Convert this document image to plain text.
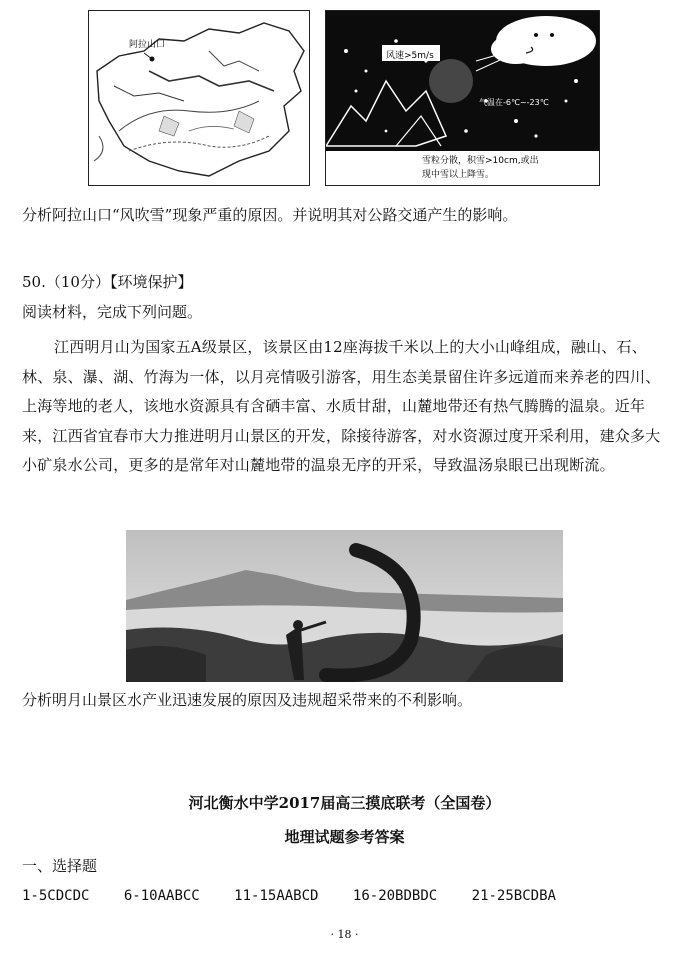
阿拉山口
风速>5m/s
气温在-6℃~-23℃
雪粒分散，积雪>10cm,或出
现中雪以上降雪。
分析阿拉山口“风吹雪”现象严重的原因。并说明其对公路交通产生的影响。
50.（10分）【环境保护】
阅读材料，完成下列问题。
江西明月山为国家五A级景区，该景区由12座海拔千米以上的大小山峰组成，融山、石、林、泉、瀑、湖、竹海为一体，以月亮情吸引游客，用生态美景留住许多远道而来养老的四川、上海等地的老人，该地水资源具有含硒丰富、水质甘甜，山麓地带还有热气腾腾的温泉。近年来，江西省宜春市大力推进明月山景区的开发，除接待游客，对水资源过度开采利用，建众多大小矿泉水公司，更多的是常年对山麓地带的温泉无序的开采，导致温汤泉眼已出现断流。
分析明月山景区水产业迅速发展的原因及违规超采带来的不利影响。
河北衡水中学2017届高三摸底联考（全国卷）
地理试题参考答案
一、选择题
1-5CDCDC 6-10AABCC 11-15AABCD 16-20BDBDC 21-25BCDBA
· 18 ·
